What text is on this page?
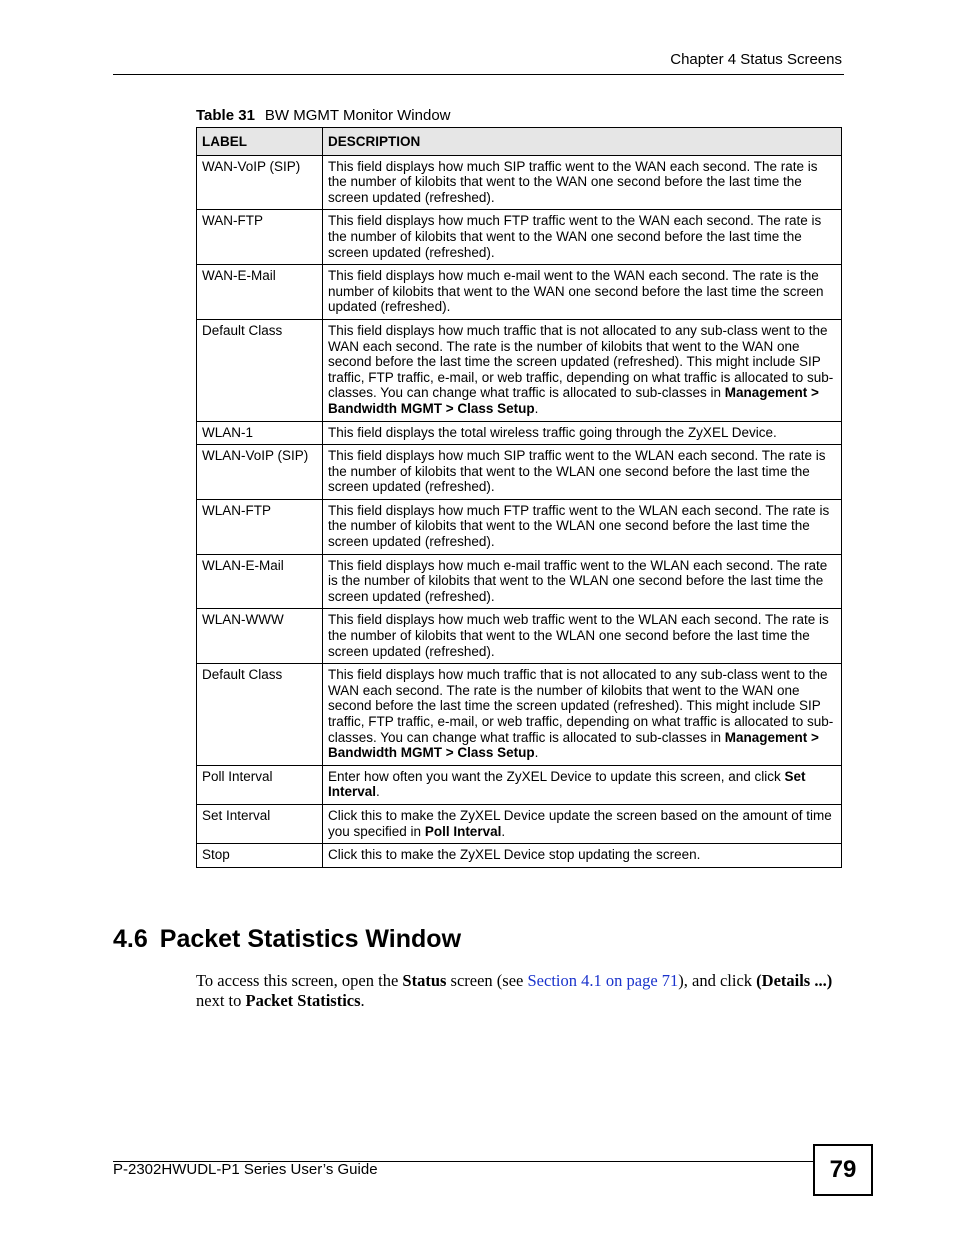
Chapter 4 Status Screens
Table 31 BW MGMT Monitor Window
LABEL	DESCRIPTION
WAN-VoIP (SIP)	This field displays how much SIP traffic went to the WAN each second. The rate is the number of kilobits that went to the WAN one second before the last time the screen updated (refreshed).
WAN-FTP	This field displays how much FTP traffic went to the WAN each second. The rate is the number of kilobits that went to the WAN one second before the last time the screen updated (refreshed).
WAN-E-Mail	This field displays how much e-mail went to the WAN each second. The rate is the number of kilobits that went to the WAN one second before the last time the screen updated (refreshed).
Default Class	This field displays how much traffic that is not allocated to any sub-class went to the WAN each second. The rate is the number of kilobits that went to the WAN one second before the last time the screen updated (refreshed). This might include SIP traffic, FTP traffic, e-mail, or web traffic, depending on what traffic is allocated to sub-classes. You can change what traffic is allocated to sub-classes in Management > Bandwidth MGMT > Class Setup.
WLAN-1	This field displays the total wireless traffic going through the ZyXEL Device.
WLAN-VoIP (SIP)	This field displays how much SIP traffic went to the WLAN each second. The rate is the number of kilobits that went to the WLAN one second before the last time the screen updated (refreshed).
WLAN-FTP	This field displays how much FTP traffic went to the WLAN each second. The rate is the number of kilobits that went to the WLAN one second before the last time the screen updated (refreshed).
WLAN-E-Mail	This field displays how much e-mail traffic went to the WLAN each second. The rate is the number of kilobits that went to the WLAN one second before the last time the screen updated (refreshed).
WLAN-WWW	This field displays how much web traffic went to the WLAN each second. The rate is the number of kilobits that went to the WLAN one second before the last time the screen updated (refreshed).
Default Class	This field displays how much traffic that is not allocated to any sub-class went to the WAN each second. The rate is the number of kilobits that went to the WAN one second before the last time the screen updated (refreshed). This might include SIP traffic, FTP traffic, e-mail, or web traffic, depending on what traffic is allocated to sub-classes. You can change what traffic is allocated to sub-classes in Management > Bandwidth MGMT > Class Setup.
Poll Interval	Enter how often you want the ZyXEL Device to update this screen, and click Set Interval.
Set Interval	Click this to make the ZyXEL Device update the screen based on the amount of time you specified in Poll Interval.
Stop	Click this to make the ZyXEL Device stop updating the screen.
4.6 Packet Statistics Window

To access this screen, open the Status screen (see Section 4.1 on page 71), and click (Details ...) next to Packet Statistics.

P-2302HWUDL-P1 Series User’s Guide	79
